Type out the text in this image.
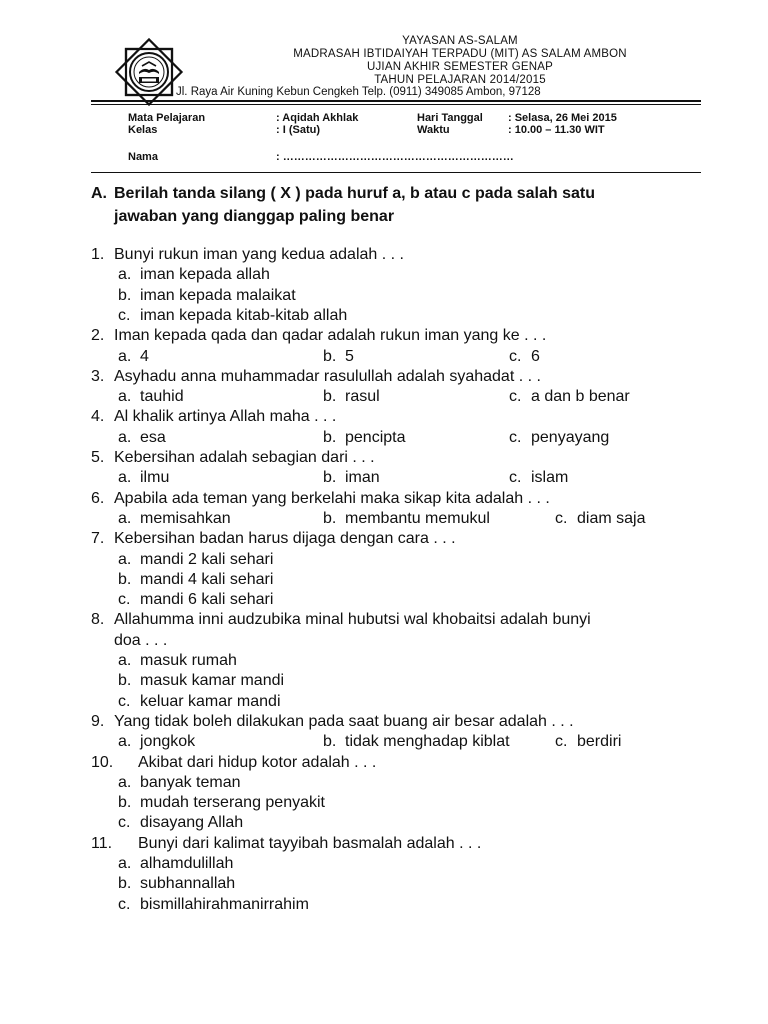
YAYASAN AS-SALAM
MADRASAH IBTIDAIYAH TERPADU (MIT) AS SALAM AMBON
UJIAN AKHIR SEMESTER GENAP
TAHUN PELAJARAN 2014/2015
Jl. Raya Air Kuning Kebun Cengkeh Telp. (0911) 349085 Ambon, 97128
Mata Pelajaran	: Aqidah Akhlak	Hari Tanggal : Selasa, 26 Mei 2015
Kelas	: I (Satu)	Waktu	: 10.00 – 11.30 WIT
Nama	: ………………………………………………………
A. Berilah tanda silang ( X ) pada huruf a, b atau c pada salah satu
jawaban yang dianggap paling benar
1. Bunyi rukun iman yang kedua adalah . . .
a. iman kepada allah
b. iman kepada malaikat
c. iman kepada kitab-kitab allah
2. Iman kepada qada dan qadar adalah rukun iman yang ke . . .
a. 4	b. 5	c. 6
3. Asyhadu anna muhammadar rasulullah adalah syahadat . . .
a. tauhid	b. rasul	c. a dan b benar
4. Al khalik artinya Allah maha . . .
a. esa	b. pencipta	c. penyayang
5. Kebersihan adalah sebagian dari . . .
a. ilmu	b. iman	c. islam
6. Apabila ada teman yang berkelahi maka sikap kita adalah . . .
a. memisahkan	b. membantu memukul	c. diam saja
7. Kebersihan badan harus dijaga dengan cara . . .
a. mandi 2 kali sehari
b. mandi 4 kali sehari
c. mandi 6 kali sehari
8. Allahumma inni audzubika minal hubutsi wal khobaitsi adalah bunyi
doa . . .
a. masuk rumah
b. masuk kamar mandi
c. keluar kamar mandi
9. Yang tidak boleh dilakukan pada saat buang air besar adalah . . .
a. jongkok	b. tidak menghadap kiblat	c. berdiri
10. Akibat dari hidup kotor adalah . . .
a. banyak teman
b. mudah terserang penyakit
c. disayang Allah
11. Bunyi dari kalimat tayyibah basmalah adalah . . .
a. alhamdulillah
b. subhannallah
c. bismillahirahmanirrahim
